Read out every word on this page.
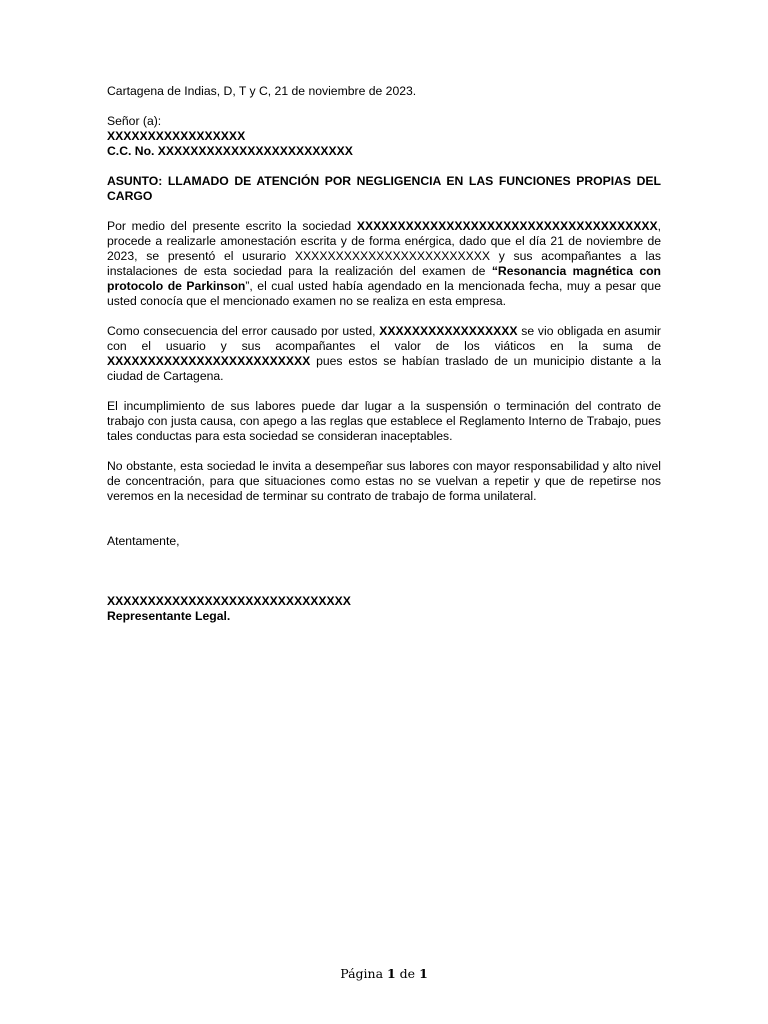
Cartagena de Indias, D, T y C, 21 de noviembre de 2023.
Señor (a):
XXXXXXXXXXXXXXXXX
C.C. No. XXXXXXXXXXXXXXXXXXXXXXXX
ASUNTO: LLAMADO DE ATENCIÓN POR NEGLIGENCIA EN LAS FUNCIONES PROPIAS DEL CARGO

Por medio del presente escrito la sociedad XXXXXXXXXXXXXXXXXXXXXXXXXXXXXXXXXXXXX, procede a realizarle amonestación escrita y de forma enérgica, dado que el día 21 de noviembre de 2023, se presentó el usurario XXXXXXXXXXXXXXXXXXXXXXXX y sus acompañantes a las instalaciones de esta sociedad para la realización del examen de “Resonancia magnética con protocolo de Parkinson”, el cual usted había agendado en la mencionada fecha, muy a pesar que usted conocía que el mencionado examen no se realiza en esta empresa.

Como consecuencia del error causado por usted, XXXXXXXXXXXXXXXXX se vio obligada en asumir con el usuario y sus acompañantes el valor de los viáticos en la suma de XXXXXXXXXXXXXXXXXXXXXXXXX pues estos se habían traslado de un municipio distante a la ciudad de Cartagena.

El incumplimiento de sus labores puede dar lugar a la suspensión o terminación del contrato de trabajo con justa causa, con apego a las reglas que establece el Reglamento Interno de Trabajo, pues tales conductas para esta sociedad se consideran inaceptables.

No obstante, esta sociedad le invita a desempeñar sus labores con mayor responsabilidad y alto nivel de concentración, para que situaciones como estas no se vuelvan a repetir y que de repetirse nos veremos en la necesidad de terminar su contrato de trabajo de forma unilateral.

Atentamente,
XXXXXXXXXXXXXXXXXXXXXXXXXXXXXX
Representante Legal.
Página 1 de 1
